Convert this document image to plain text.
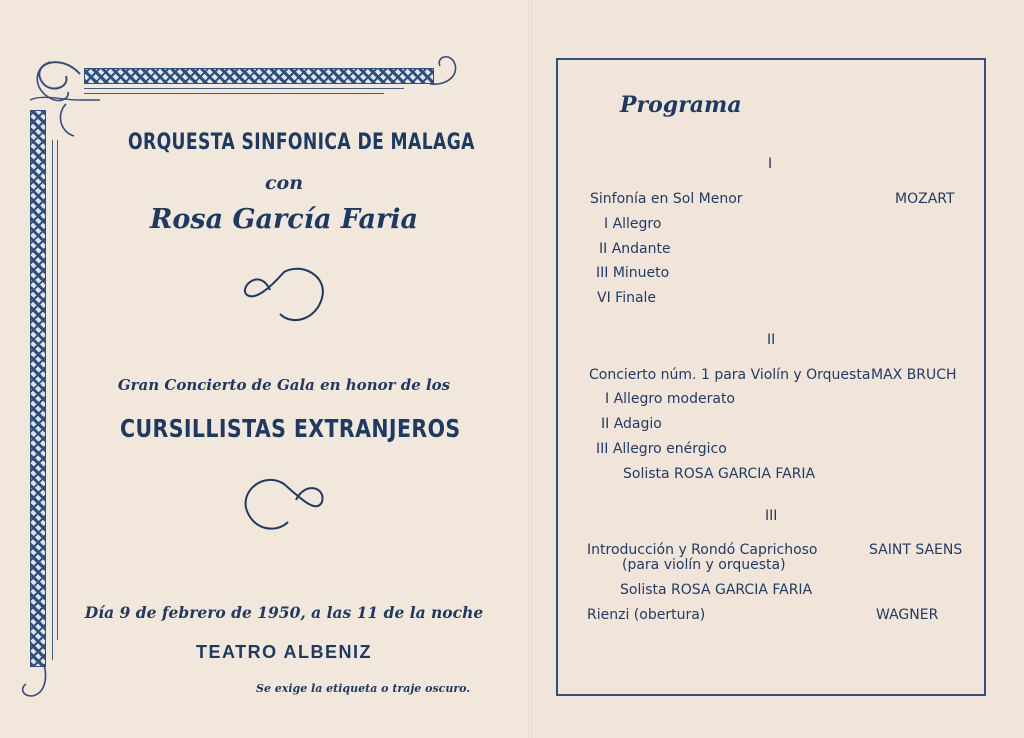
ORQUESTA SINFONICA DE MALAGA
con
Rosa García Faria
Gran Concierto de Gala en honor de los
CURSILLISTAS EXTRANJEROS
Día 9 de febrero de 1950, a las 11 de la noche
TEATRO ALBENIZ
Se exige la etiqueta o traje oscuro.
Programa
I
Sinfonía en Sol Menor	MOZART
I Allegro
II Andante
III Minueto
VI Finale
II
Concierto núm. 1 para Violín y Orquesta MAX BRUCH
I Allegro moderato
II Adagio
III Allegro enérgico
Solista ROSA GARCIA FARIA
III
Introducción y Rondó Caprichoso	SAINT SAENS
(para violín y orquesta)
Solista ROSA GARCIA FARIA
Rienzi (obertura)	WAGNER
